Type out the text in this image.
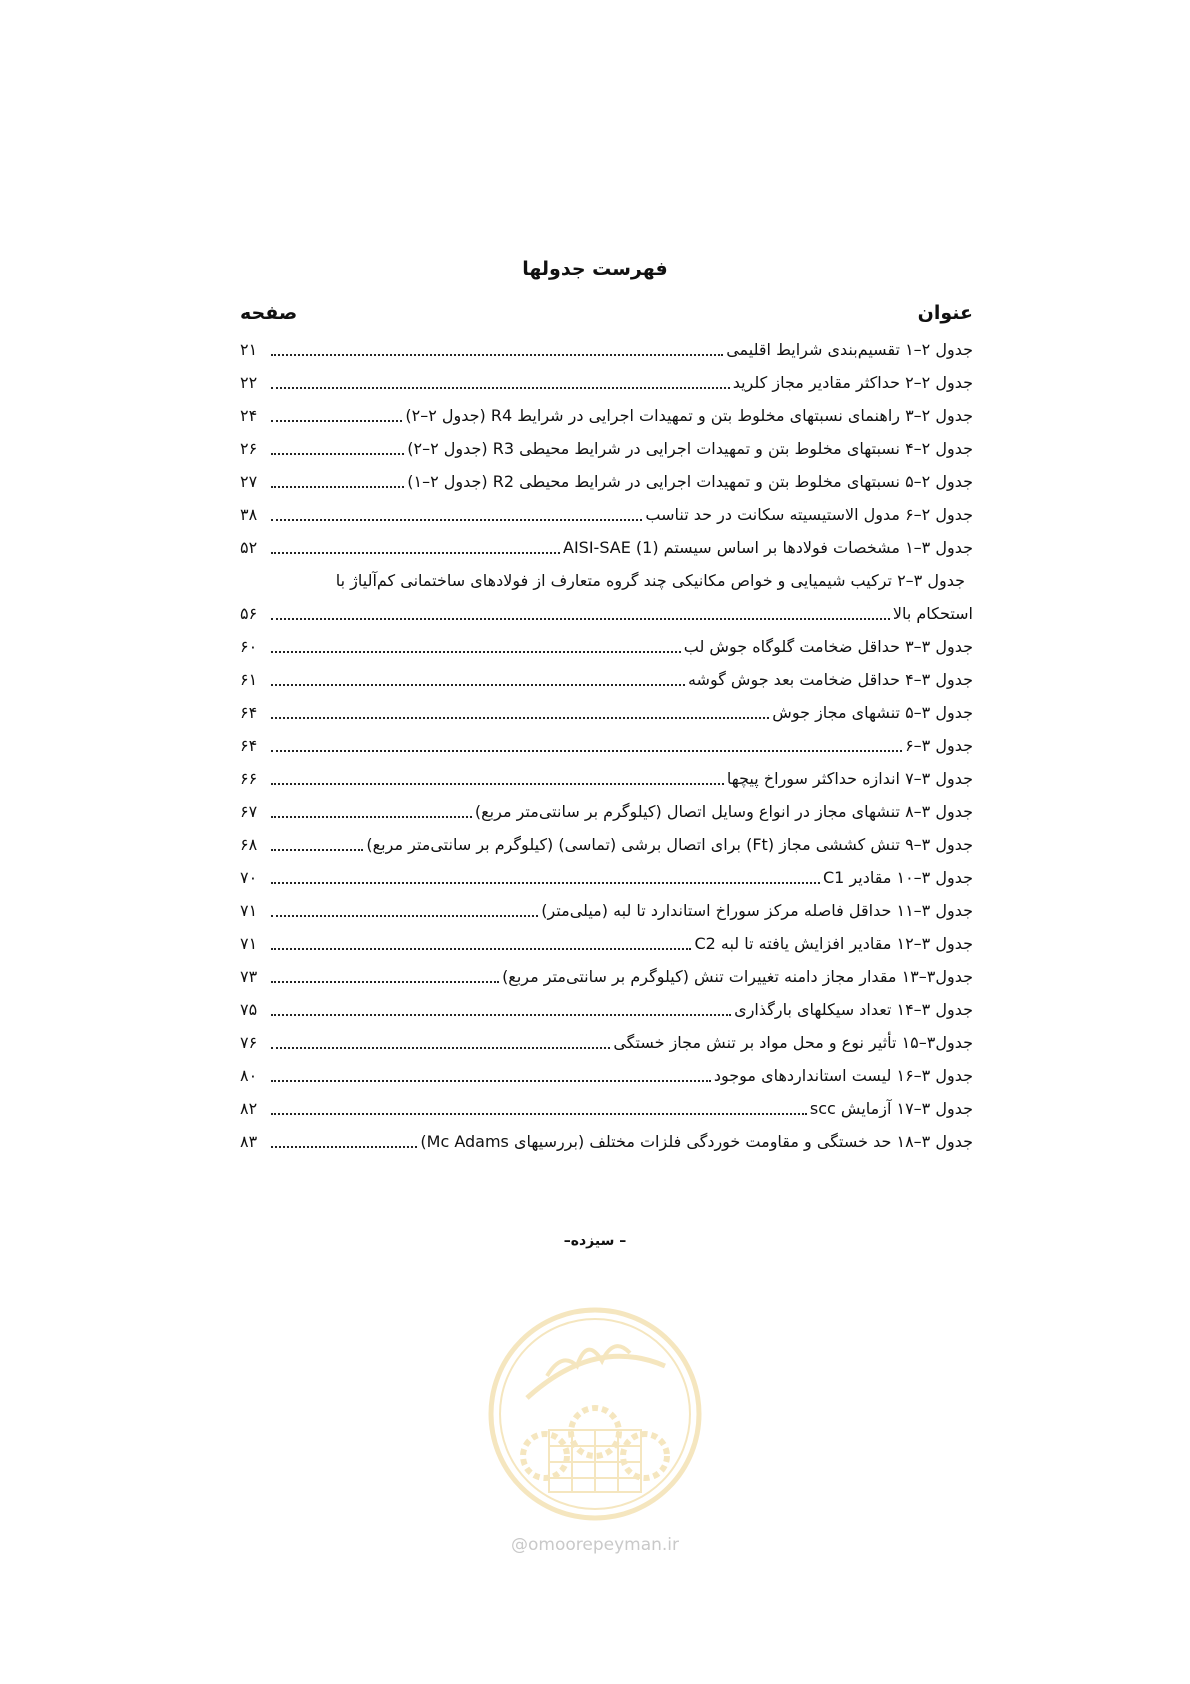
فهرست جدولها
عنوان
صفحه
جدول ۲–۱ تقسیم‌بندی شرایط اقلیمی
۲۱
جدول ۲–۲ حداکثر مقادیر مجاز کلرید
۲۲
جدول ۲–۳ راهنمای نسبتهای مخلوط بتن و تمهیدات اجرایی در شرایط R4 (جدول ۲–۲)
۲۴
جدول ۲–۴ نسبتهای مخلوط بتن و تمهیدات اجرایی در شرایط محیطی R3 (جدول ۲–۲)
۲۶
جدول ۲–۵ نسبتهای مخلوط بتن و تمهیدات اجرایی در شرایط محیطی R2 (جدول ۲–۱)
۲۷
جدول ۲–۶ مدول الاستیسیته سکانت در حد تناسب
۳۸
جدول ۳–۱ مشخصات فولادها بر اساس سیستم AISI-SAE (1)
۵۲
جدول ۳–۲ ترکیب شیمیایی و خواص مکانیکی چند گروه متعارف از فولادهای ساختمانی کم‌آلیاژ با
استحکام بالا
۵۶
جدول ۳–۳ حداقل ضخامت گلوگاه جوش لب
۶۰
جدول ۳–۴ حداقل ضخامت بعد جوش گوشه
۶۱
جدول ۳–۵ تنشهای مجاز جوش
۶۴
جدول ۳–۶
۶۴
جدول ۳–۷ اندازه حداکثر سوراخ پیچها
۶۶
جدول ۳–۸ تنشهای مجاز در انواع وسایل اتصال (کیلوگرم بر سانتی‌متر مربع)
۶۷
جدول ۳–۹ تنش کششی مجاز (Ft) برای اتصال برشی (تماسی) (کیلوگرم بر سانتی‌متر مربع)
۶۸
جدول ۳–۱۰ مقادیر C1
۷۰
جدول ۳–۱۱ حداقل فاصله مرکز سوراخ استاندارد تا لبه (میلی‌متر)
۷۱
جدول ۳–۱۲ مقادیر افزایش یافته تا لبه C2
۷۱
جدول۳–۱۳ مقدار مجاز دامنه تغییرات تنش (کیلوگرم بر سانتی‌متر مربع)
۷۳
جدول ۳–۱۴ تعداد سیکلهای بارگذاری
۷۵
جدول۳–۱۵ تأثیر نوع و محل مواد بر تنش مجاز خستگی
۷۶
جدول ۳–۱۶ لیست استانداردهای موجود
۸۰
جدول ۳–۱۷ آزمایش scc
۸۲
جدول ۳–۱۸ حد خستگی و مقاومت خوردگی فلزات مختلف (بررسیهای Mc Adams)
۸۳
– سیزده–
@omoorepeyman.ir
